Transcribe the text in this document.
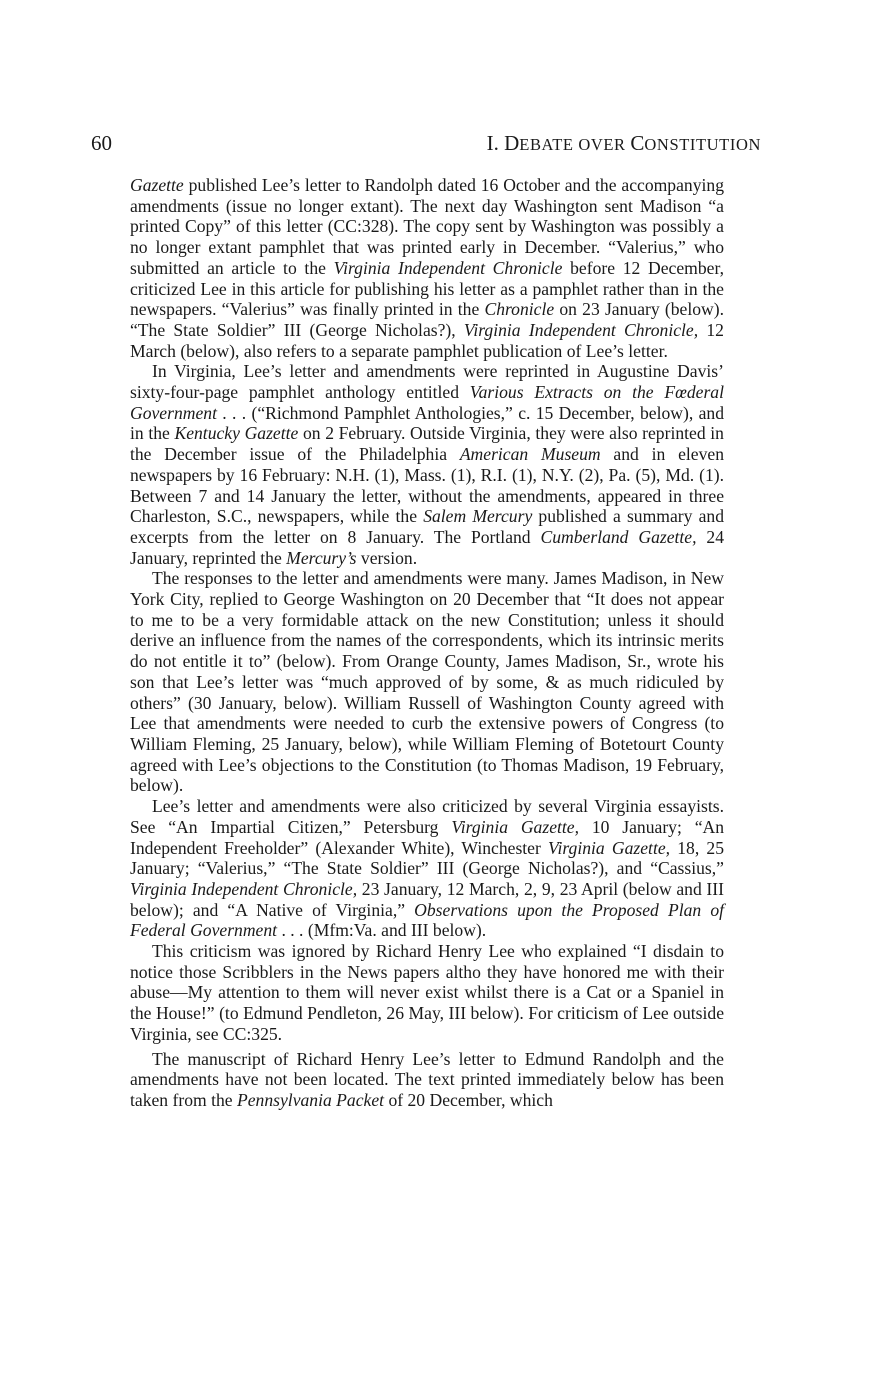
60	I. DEBATE OVER CONSTITUTION

Gazette published Lee’s letter to Randolph dated 16 October and the accompanying amendments (issue no longer extant). The next day Washington sent Madison “a printed Copy” of this letter (CC:328). The copy sent by Washington was possibly a no longer extant pamphlet that was printed early in December. “Valerius,” who submitted an article to the Virginia Independent Chronicle before 12 December, criticized Lee in this article for publishing his letter as a pamphlet rather than in the newspapers. “Valerius” was finally printed in the Chronicle on 23 January (below). “The State Soldier” III (George Nicholas?), Virginia Independent Chronicle, 12 March (below), also refers to a separate pamphlet publication of Lee’s letter.

In Virginia, Lee’s letter and amendments were reprinted in Augustine Davis’ sixty-four-page pamphlet anthology entitled Various Extracts on the Fœderal Government . . . (“Richmond Pamphlet Anthologies,” c. 15 December, below), and in the Kentucky Gazette on 2 February. Outside Virginia, they were also reprinted in the December issue of the Philadelphia American Museum and in eleven newspapers by 16 February: N.H. (1), Mass. (1), R.I. (1), N.Y. (2), Pa. (5), Md. (1). Between 7 and 14 January the letter, without the amendments, appeared in three Charleston, S.C., newspapers, while the Salem Mercury published a summary and excerpts from the letter on 8 January. The Portland Cumberland Gazette, 24 January, reprinted the Mercury’s version.

The responses to the letter and amendments were many. James Madison, in New York City, replied to George Washington on 20 December that “It does not appear to me to be a very formidable attack on the new Constitution; unless it should derive an influence from the names of the correspondents, which its intrinsic merits do not entitle it to” (below). From Orange County, James Madison, Sr., wrote his son that Lee’s letter was “much approved of by some, & as much ridiculed by others” (30 January, below). William Russell of Washington County agreed with Lee that amendments were needed to curb the extensive powers of Congress (to William Fleming, 25 January, below), while William Fleming of Botetourt County agreed with Lee’s objections to the Constitution (to Thomas Madison, 19 February, below).

Lee’s letter and amendments were also criticized by several Virginia essayists. See “An Impartial Citizen,” Petersburg Virginia Gazette, 10 January; “An Independent Freeholder” (Alexander White), Winchester Virginia Gazette, 18, 25 January; “Valerius,” “The State Soldier” III (George Nicholas?), and “Cassius,” Virginia Independent Chronicle, 23 January, 12 March, 2, 9, 23 April (below and III below); and “A Native of Virginia,” Observations upon the Proposed Plan of Federal Government . . . (Mfm:Va. and III below).

This criticism was ignored by Richard Henry Lee who explained “I disdain to notice those Scribblers in the News papers altho they have honored me with their abuse—My attention to them will never exist whilst there is a Cat or a Spaniel in the House!” (to Edmund Pendleton, 26 May, III below). For criticism of Lee outside Virginia, see CC:325.

The manuscript of Richard Henry Lee’s letter to Edmund Randolph and the amendments have not been located. The text printed immediately below has been taken from the Pennsylvania Packet of 20 December, which
